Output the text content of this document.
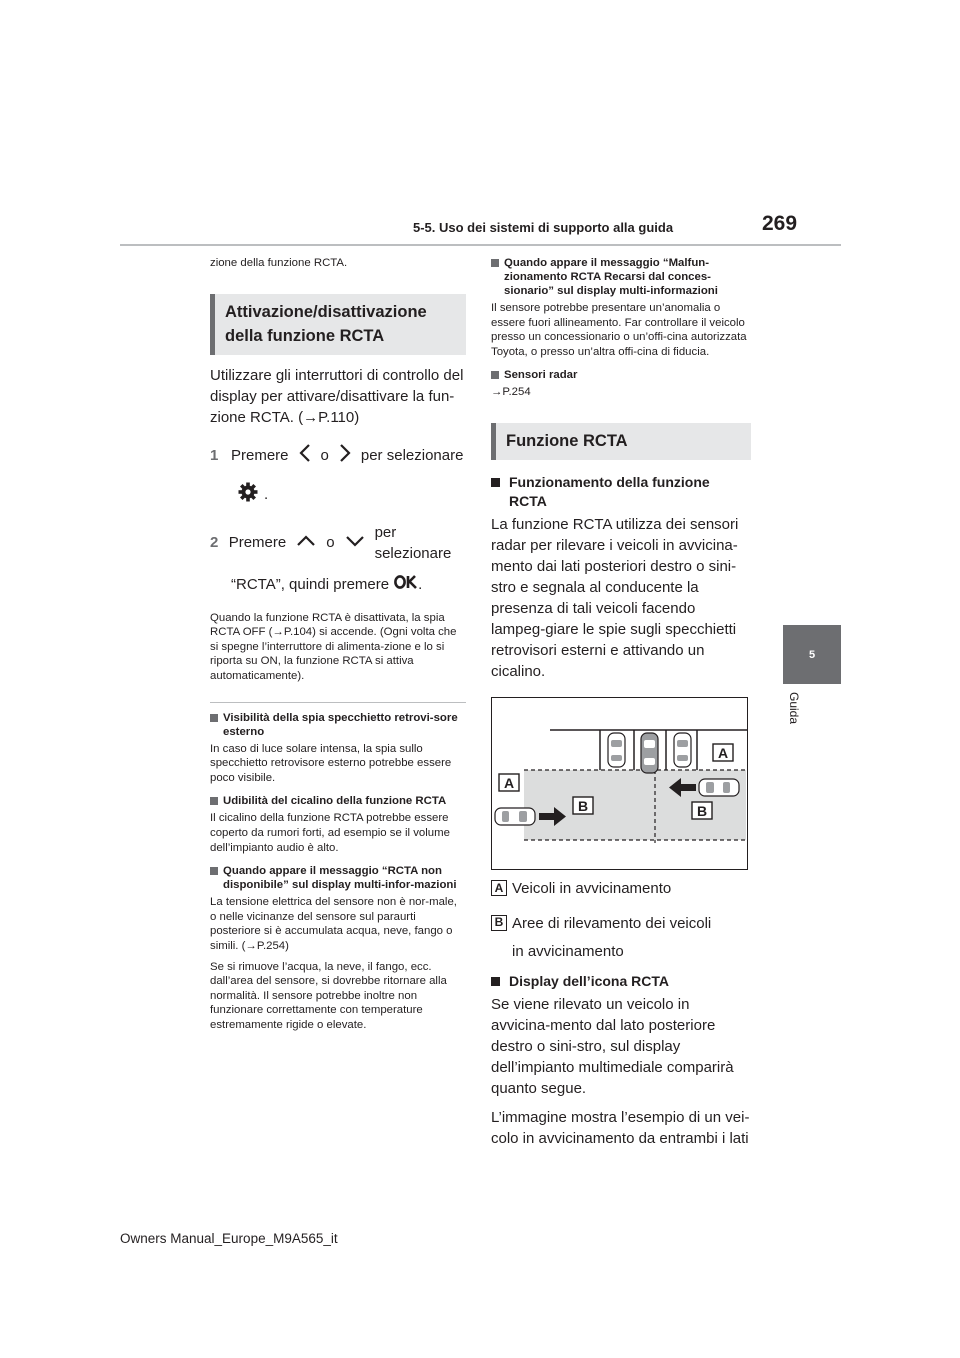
5-5. Uso dei sistemi di supporto alla guida	269
5
Guida
zione della funzione RCTA.
Attivazione/disattivazione della funzione RCTA
Utilizzare gli interruttori di controllo del display per attivare/disattivare la fun-zione RCTA. (→P.110)
1 Premere o per selezionare
.
2 Premere	o
per selezionare
“RCTA”, quindi premere .
Quando la funzione RCTA è disattivata, la spia RCTA OFF (→P.104) si accende. (Ogni volta che si spegne l’interruttore di alimenta-zione e lo si riporta su ON, la funzione RCTA si attiva automaticamente).
Visibilità della spia specchietto retrovi-sore esterno
In caso di luce solare intensa, la spia sullo specchietto retrovisore esterno potrebbe essere poco visibile.
Udibilità del cicalino della funzione RCTA
Il cicalino della funzione RCTA potrebbe essere coperto da rumori forti, ad esempio se il volume dell’impianto audio è alto.
Quando appare il messaggio “RCTA non disponibile” sul display multi-infor-mazioni
La tensione elettrica del sensore non è nor-male, o nelle vicinanze del sensore sul paraurti posteriore si è accumulata acqua, neve, fango o simili. (→P.254)
Se si rimuove l’acqua, la neve, il fango, ecc. dall’area del sensore, si dovrebbe ritornare alla normalità. Il sensore potrebbe inoltre non funzionare correttamente con temperature estremamente rigide o elevate.
Quando appare il messaggio “Malfun-zionamento RCTA Recarsi dal conces-sionario” sul display multi-informazioni
Il sensore potrebbe presentare un’anomalia o essere fuori allineamento. Far controllare il veicolo presso un concessionario o un’offi-cina autorizzata Toyota, o presso un’altra offi-cina di fiducia.
Sensori radar
→P.254
Funzione RCTA
Funzionamento della funzione RCTA
La funzione RCTA utilizza dei sensori radar per rilevare i veicoli in avvicina-mento dai lati posteriori destro o sini-stro e segnala al conducente la presenza di tali veicoli facendo lampeg-giare le spie sugli specchietti retrovisori esterni e attivando un cicalino.
A
A
B	B
A Veicoli in avvicinamento
B Aree di rilevamento dei veicoli in avvicinamento
Display dell’icona RCTA
Se viene rilevato un veicolo in avvicina-mento dal lato posteriore destro o sini-stro, sul display dell’impianto multimediale comparirà quanto segue.
L’immagine mostra l’esempio di un vei-colo in avvicinamento da entrambi i lati
Owners Manual_Europe_M9A565_it
